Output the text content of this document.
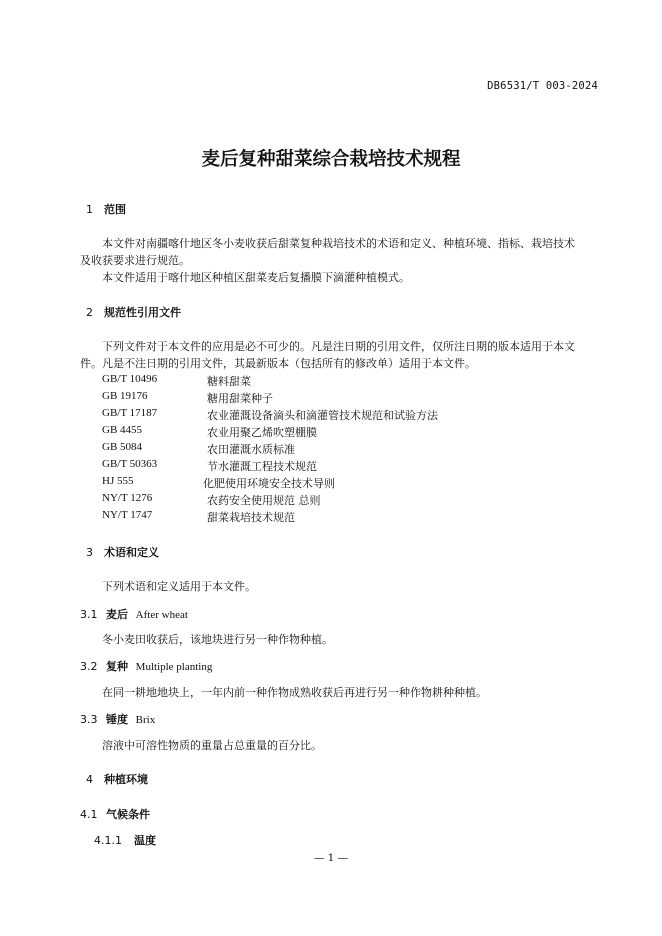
DB6531/T 003-2024
麦后复种甜菜综合栽培技术规程
1 范围
本文件对南疆喀什地区冬小麦收获后甜菜复种栽培技术的术语和定义、种植环境、指标、栽培技术
及收获要求进行规范。
本文件适用于喀什地区种植区甜菜麦后复播膜下滴灌种植模式。
2 规范性引用文件
下列文件对于本文件的应用是必不可少的。凡是注日期的引用文件，仅所注日期的版本适用于本文
件。凡是不注日期的引用文件，其最新版本（包括所有的修改单）适用于本文件。
GB/T 10496	糖料甜菜
GB 19176	糖用甜菜种子
GB/T 17187	农业灌溉设备滴头和滴灌管技术规范和试验方法
GB 4455	农业用聚乙烯吹塑棚膜
GB 5084	农田灌溉水质标准
GB/T 50363	节水灌溉工程技术规范
HJ 555	化肥使用环境安全技术导则
NY/T 1276	农药安全使用规范 总则
NY/T 1747	甜菜栽培技术规范
3 术语和定义
下列术语和定义适用于本文件。
3.1 麦后 After wheat
冬小麦田收获后，该地块进行另一种作物种植。
3.2 复种 Multiple planting
在同一耕地地块上，一年内前一种作物成熟收获后再进行另一种作物耕种种植。
3.3 锤度 Brix
溶液中可溶性物质的重量占总重量的百分比。
4 种植环境
4.1 气候条件
4.1.1 温度
— 1 —
